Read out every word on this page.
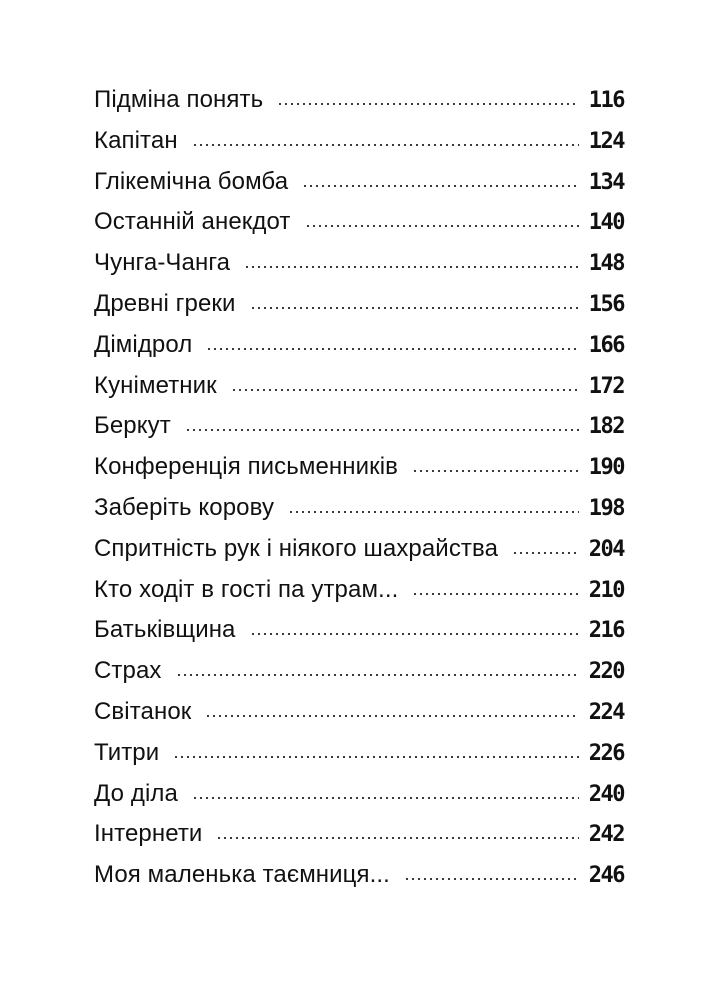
Підміна понять	116
Капітан	124
Глікемічна бомба	134
Останній анекдот	140
Чунга-Чанга	148
Древні греки	156
Дімідрол	166
Куніметник	172
Беркут	182
Конференція письменників	190
Заберіть корову	198
Спритність рук і ніякого шахрайства	204
Кто ходіт в гості па утрам...	210
Батьківщина	216
Страх	220
Світанок	224
Титри	226
До діла	240
Інтернети	242
Моя маленька таємниця...	246
